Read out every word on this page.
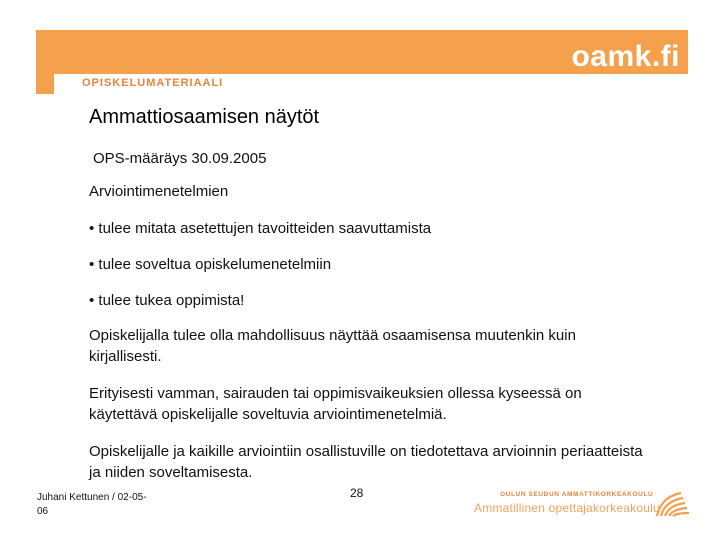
oamk.fi
OPISKELUMATERIAALI
Ammattiosaamisen näytöt
OPS-määräys 30.09.2005
Arviointimenetelmien
• tulee mitata asetettujen tavoitteiden saavuttamista
• tulee soveltua opiskelumenetelmiin
• tulee tukea oppimista!
Opiskelijalla tulee olla mahdollisuus näyttää osaamisensa muutenkin kuin kirjallisesti.
Erityisesti vamman, sairauden tai oppimisvaikeuksien ollessa kyseessä on käytettävä opiskelijalle soveltuvia arviointimenetelmiä.
Opiskelijalle ja kaikille arviointiin osallistuville on tiedotettava arvioinnin periaatteista ja niiden soveltamisesta.
Juhani Kettunen / 02-05-06
28	OULUN SEUDUN AMMATTIKORKEAKOULU
Ammatillinen opettajakorkeakoulu
